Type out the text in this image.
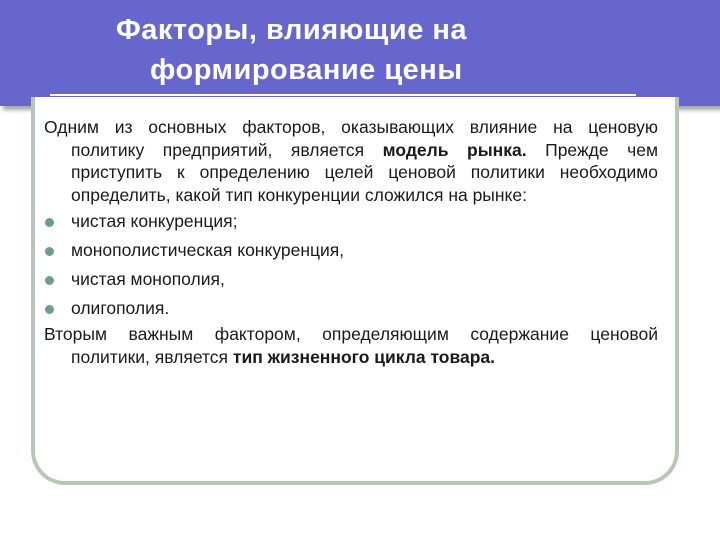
Факторы, влияющие на

формирование цены

Одним из основных факторов, оказывающих влияние на ценовую политику предприятий, является модель рынка. Прежде чем приступить к определению целей ценовой политики необходимо определить, какой тип конкуренции сложился на рынке:

чистая конкуренция;
монополистическая конкуренция,
чистая монополия,
олигополия.

Вторым важным фактором, определяющим содержание ценовой политики, является тип жизненного цикла товара.
